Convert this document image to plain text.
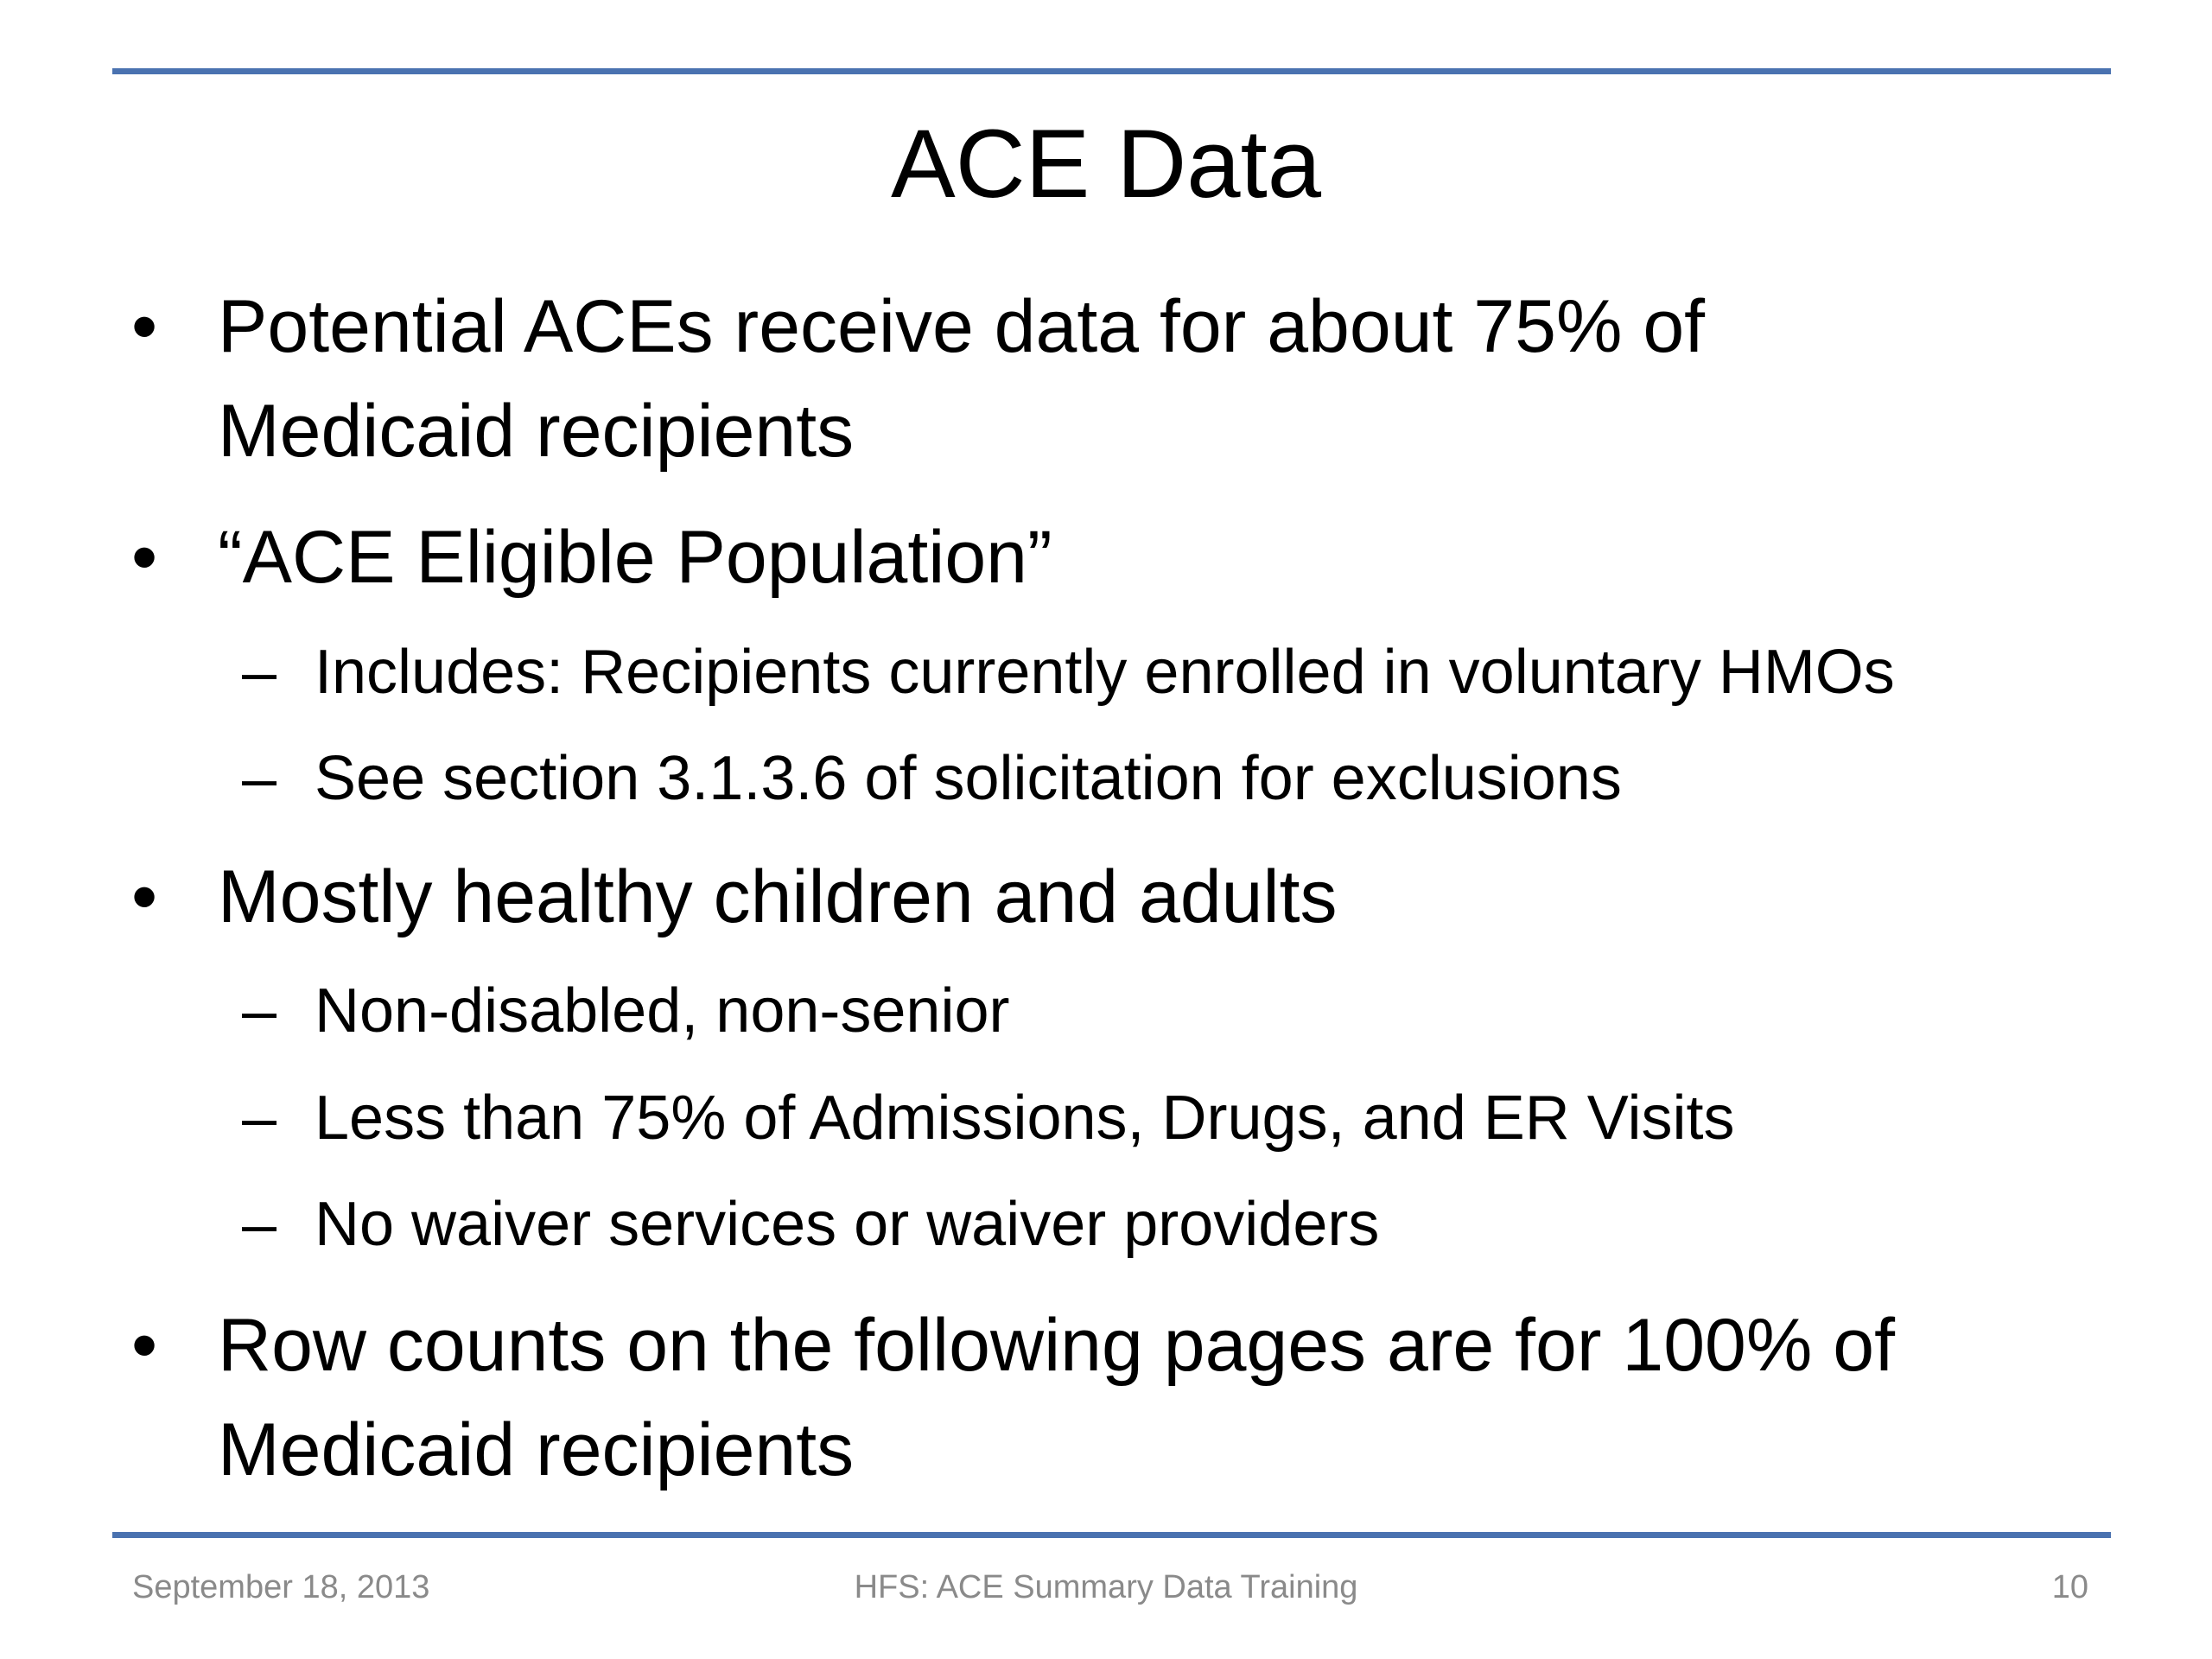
ACE Data
• Potential ACEs receive data for about 75% of
Medicaid recipients
• “ACE Eligible Population”
– Includes: Recipients currently enrolled in voluntary HMOs
– See section 3.1.3.6 of solicitation for exclusions
• Mostly healthy children and adults
– Non-disabled, non-senior
– Less than 75% of Admissions, Drugs, and ER Visits
– No waiver services or waiver providers
• Row counts on the following pages are for 100% of
Medicaid recipients
September 18, 2013	HFS: ACE Summary Data Training	10
